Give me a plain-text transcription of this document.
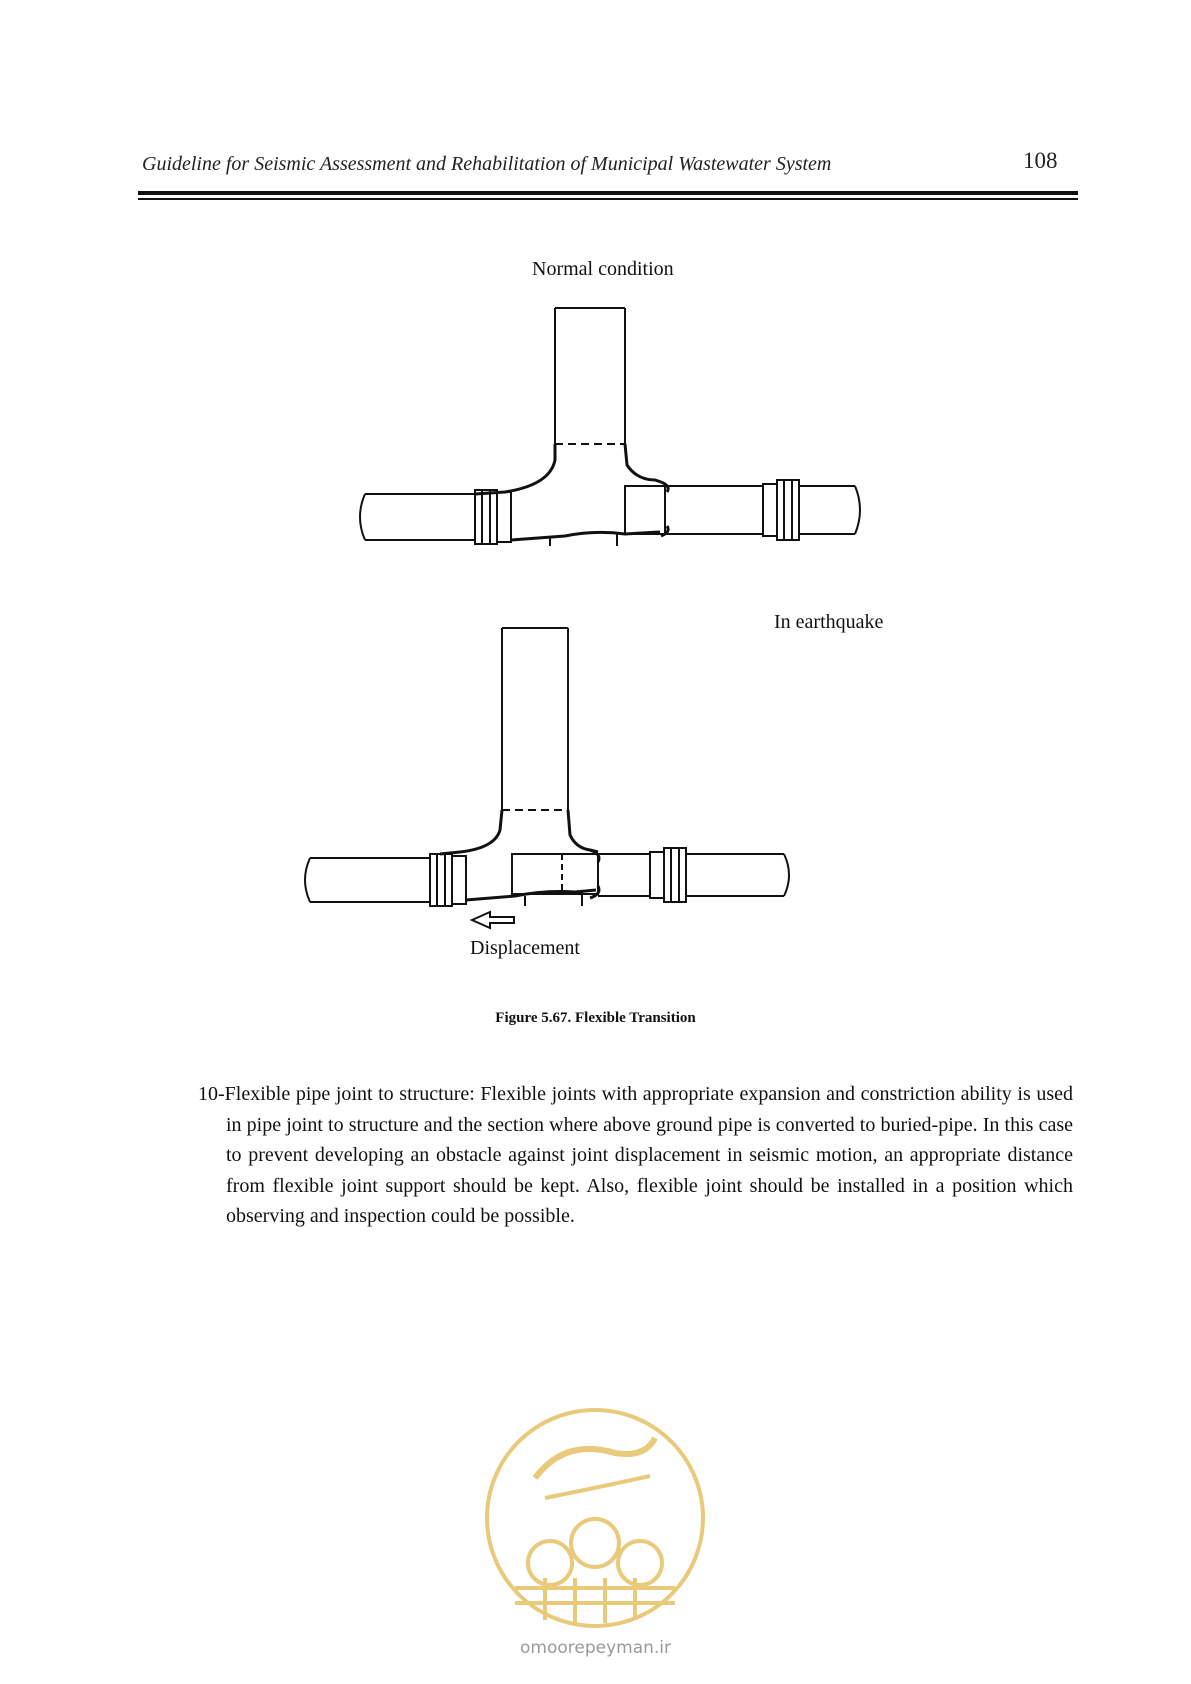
Guideline for Seismic Assessment and Rehabilitation of Municipal Wastewater System	108
Normal condition
In earthquake
Displacement
Figure 5.67. Flexible Transition
10-Flexible pipe joint to structure: Flexible joints with appropriate expansion and constriction ability is used in pipe joint to structure and the section where above ground pipe is converted to buried-pipe. In this case to prevent developing an obstacle against joint displacement in seismic motion, an appropriate distance from flexible joint support should be kept. Also, flexible joint should be installed in a position which observing and inspection could be possible.
omoorepeyman.ir
